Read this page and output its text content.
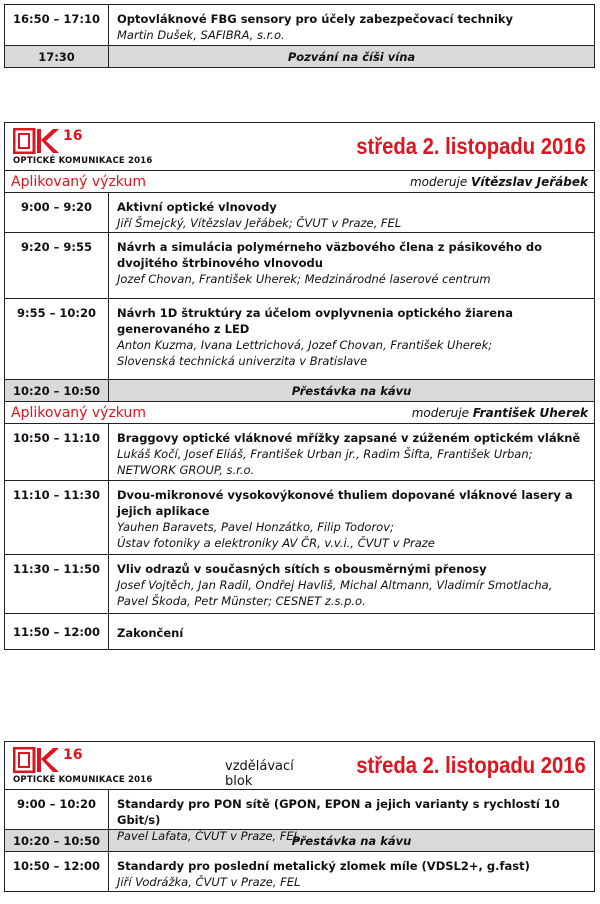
16:50 – 17:10	Optovláknové FBG sensory pro účely zabezpečovací techniky
Martin Dušek, SAFIBRA, s.r.o.
17:30	Pozvání na číši vína
16
OPTICKÉ KOMUNIKACE 2016
středa 2. listopadu 2016
Aplikovaný výzkum	moderuje Vítězslav Jeřábek
9:00 – 9:20	Aktivní optické vlnovody
Jiří Šmejcký, Vítězslav Jeřábek; ČVUT v Praze, FEL
9:20 – 9:55	Návrh a simulácia polymérneho väzbového člena z pásikového do dvojitého štrbinového vlnovodu
Jozef Chovan, František Uherek; Medzinárodné laserové centrum
9:55 – 10:20	Návrh 1D štruktúry za účelom ovplyvnenia optického žiarena generovaného z LED
Anton Kuzma, Ivana Lettrichová, Jozef Chovan, František Uherek;
Slovenská technická univerzita v Bratislave
10:20 – 10:50	Přestávka na kávu
Aplikovaný výzkum	moderuje František Uherek
10:50 – 11:10	Braggovy optické vláknové mřížky zapsané v zúženém optickém vlákně
Lukáš Kočí, Josef Eliáš, František Urban jr., Radim Šifta, František Urban;
NETWORK GROUP, s.r.o.
11:10 – 11:30	Dvou-mikronové vysokovýkonové thuliem dopované vláknové lasery a jejich aplikace
Yauhen Baravets, Pavel Honzátko, Filip Todorov;
Ústav fotoniky a elektroniky AV ČR, v.v.i., ČVUT v Praze
11:30 – 11:50	Vliv odrazů v současných sítích s obousměrnými přenosy
Josef Vojtěch, Jan Radil, Ondřej Havliš, Michal Altmann, Vladimír Smotlacha,
Pavel Škoda, Petr Münster; CESNET z.s.p.o.
11:50 – 12:00	Zakončení
16
OPTICKÉ KOMUNIKACE 2016
vzdělávací blok
středa 2. listopadu 2016
9:00 – 10:20	Standardy pro PON sítě (GPON, EPON a jejich varianty s rychlostí 10 Gbit/s)
Pavel Lafata, ČVUT v Praze, FEL
10:20 – 10:50	Přestávka na kávu
10:50 – 12:00	Standardy pro poslední metalický zlomek míle (VDSL2+, g.fast)
Jiří Vodrážka, ČVUT v Praze, FEL
